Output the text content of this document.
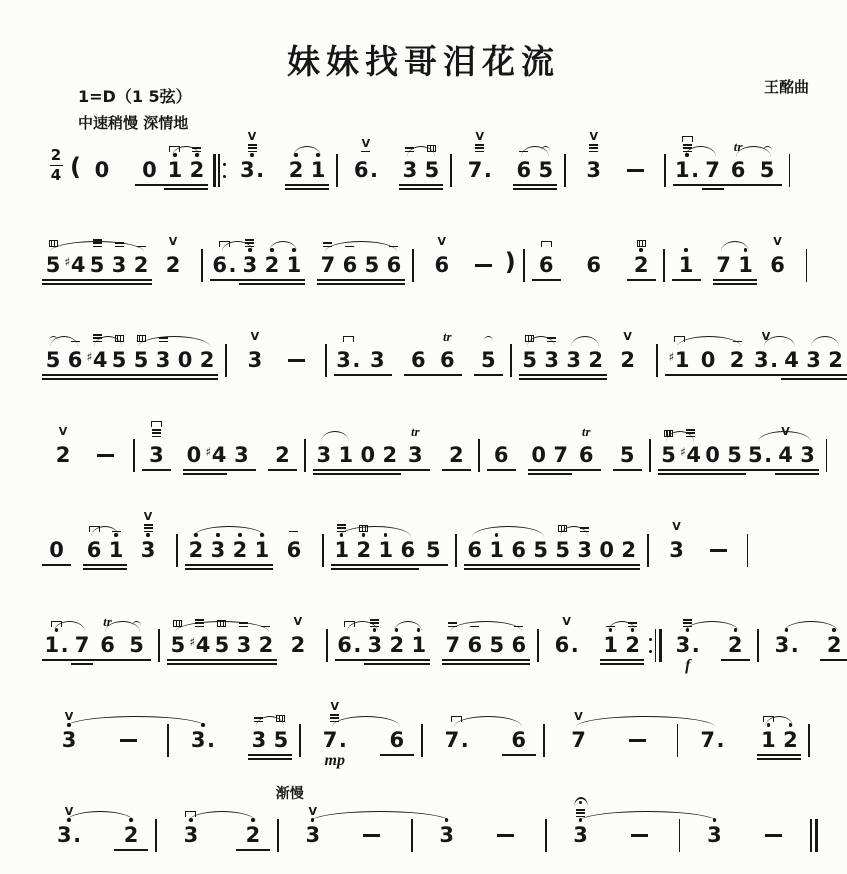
妹妹找哥泪花流
王酩曲
1=D（1 5弦）
中速稍慢 深情地
$\frac{2}{4}$ ( 0 0 1 2
V
3 . 2 1
V
6 . 3 5
V
7 . 6 5
V
3	1 . 7
tr
6 5
5 ♯ 4 5 3 2
V
2 6 . 3 2 1 7 6 5 6
V
6 ) 6 6 2 1 7 1
V
6
5 6 ♯ 4 5 5 3 0 2
V
3	3 . 3 6
tr
6 5 5 3 3 2
V
2	♯ 1 0 2
V
3 . 4 3 2
V
2	3 0 ♯ 4 3 2 3 1 0 2
tr
3 2 6 0 7
tr
6 5 5 ♯ 4 0 5 5 .
V
4 3
0 6 1
V
3 2 3 2 1 6 1 2 1 6 5 6 1 6 5 5 3 0 2
V
3
1 . 7
tr
6 5 5 ♯ 4 5 3 2
V
2 6 . 3 2 1 7 6 5 6
V
6 . 1 2 3 .
f
2 3 . 2
V
3	3 . 3 5
V
7 .
mp
6 7 . 6
V
7	7 . 1 2
V
3 . 2 3 2
渐慢
V
3	3	3	3
